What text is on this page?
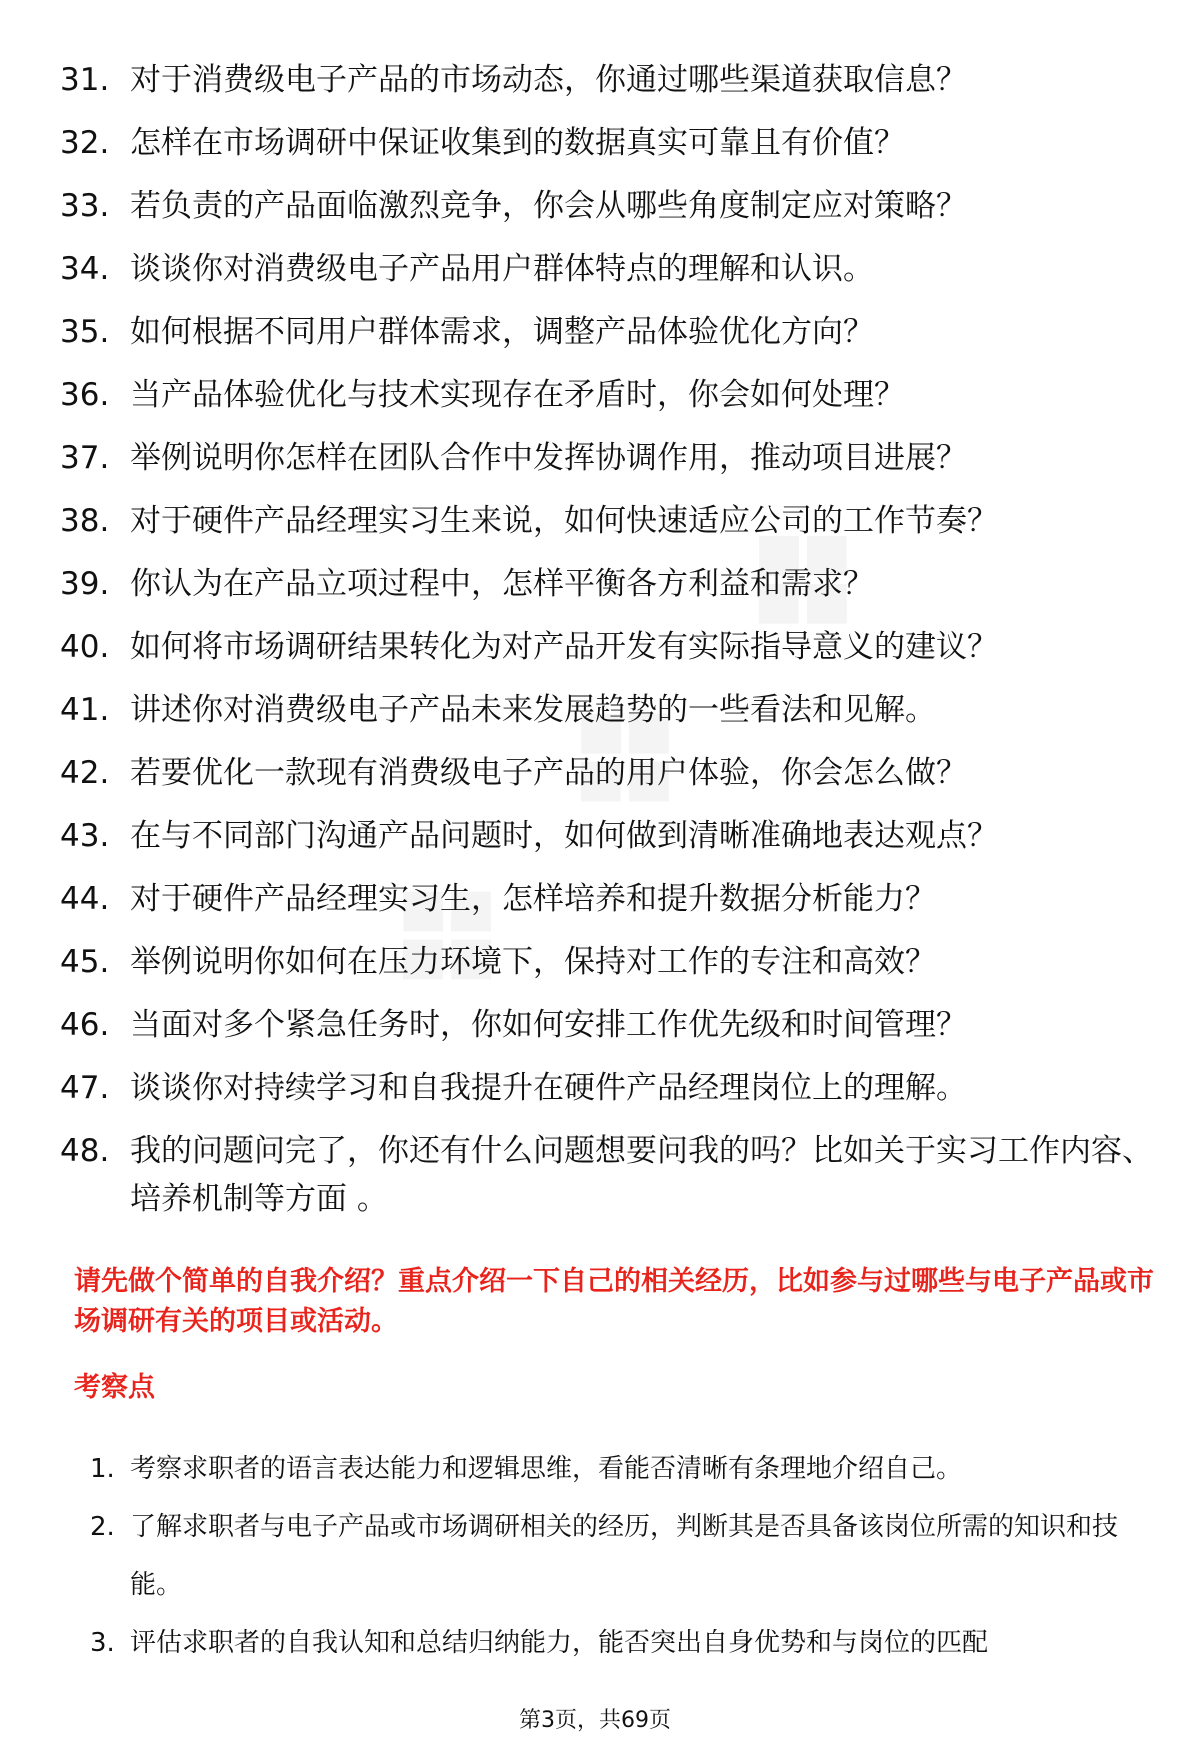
31. 对于消费级电子产品的市场动态，你通过哪些渠道获取信息？
32. 怎样在市场调研中保证收集到的数据真实可靠且有价值？
33. 若负责的产品面临激烈竞争，你会从哪些角度制定应对策略？
34. 谈谈你对消费级电子产品用户群体特点的理解和认识。
35. 如何根据不同用户群体需求，调整产品体验优化方向？
36. 当产品体验优化与技术实现存在矛盾时，你会如何处理？
37. 举例说明你怎样在团队合作中发挥协调作用，推动项目进展？
38. 对于硬件产品经理实习生来说，如何快速适应公司的工作节奏？
39. 你认为在产品立项过程中，怎样平衡各方利益和需求？
40. 如何将市场调研结果转化为对产品开发有实际指导意义的建议？
41. 讲述你对消费级电子产品未来发展趋势的一些看法和见解。
42. 若要优化一款现有消费级电子产品的用户体验，你会怎么做？
43. 在与不同部门沟通产品问题时，如何做到清晰准确地表达观点？
44. 对于硬件产品经理实习生，怎样培养和提升数据分析能力？
45. 举例说明你如何在压力环境下，保持对工作的专注和高效？
46. 当面对多个紧急任务时，你如何安排工作优先级和时间管理？
47. 谈谈你对持续学习和自我提升在硬件产品经理岗位上的理解。
48. 我的问题问完了，你还有什么问题想要问我的吗？比如关于实习工作内容、培养机制等方面 。
请先做个简单的自我介绍？重点介绍一下自己的相关经历，比如参与过哪些与电子产品或市场调研有关的项目或活动。
考察点
1. 考察求职者的语言表达能力和逻辑思维，看能否清晰有条理地介绍自己。
2. 了解求职者与电子产品或市场调研相关的经历，判断其是否具备该岗位所需的知识和技能。
3. 评估求职者的自我认知和总结归纳能力，能否突出自身优势和与岗位的匹配
第3页，共69页
